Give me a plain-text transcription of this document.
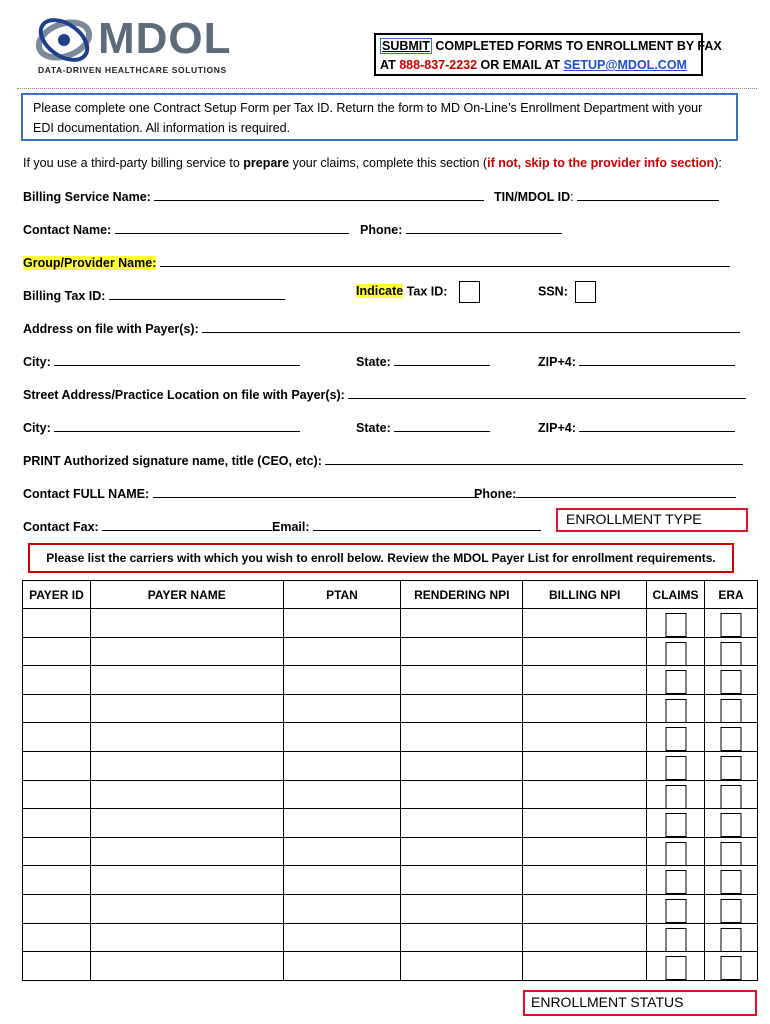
MDOL
DATA-DRIVEN HEALTHCARE SOLUTIONS
SUBMIT COMPLETED FORMS TO ENROLLMENT BY FAX
AT 888-837-2232 OR EMAIL AT SETUP@MDOL.COM
Please complete one Contract Setup Form per Tax ID. Return the form to MD On-Line’s Enrollment Department with your EDI documentation. All information is required.
If you use a third-party billing service to prepare your claims, complete this section (if not, skip to the provider info section):
Billing Service Name:	TIN/MDOL ID:
Contact Name:	Phone:
Group/Provider Name:
Billing Tax ID:	Indicate Tax ID:	SSN:
Address on file with Payer(s):
City:	State:	ZIP+4:
Street Address/Practice Location on file with Payer(s):
City:	State:	ZIP+4:
PRINT Authorized signature name, title (CEO, etc):
Contact FULL NAME:	Phone:
Contact Fax:	Email:	ENROLLMENT TYPE
Please list the carriers with which you wish to enroll below. Review the MDOL Payer List for enrollment requirements.
PAYER ID	PAYER NAME	PTAN	RENDERING NPI	BILLING NPI	CLAIMS	ERA

ENROLLMENT STATUS
